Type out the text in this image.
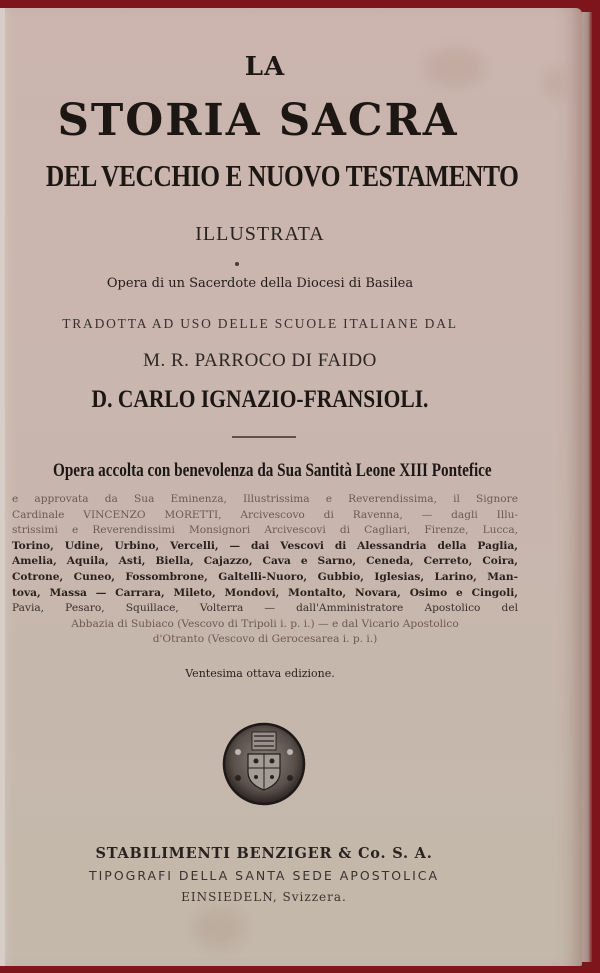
LA
STORIA SACRA
DEL VECCHIO E NUOVO TESTAMENTO
ILLUSTRATA
Opera di un Sacerdote della Diocesi di Basilea
TRADOTTA AD USO DELLE SCUOLE ITALIANE DAL
M. R. PARROCO DI FAIDO
D. CARLO IGNAZIO-FRANSIOLI.
Opera accolta con benevolenza da Sua Santità Leone XIII Pontefice
e approvata da Sua Eminenza, Illustrissima e Reverendissima, il Signore
Cardinale VINCENZO MORETTI, Arcivescovo di Ravenna, — dagli Illu-
strissimi e Reverendissimi Monsignori Arcivescovi di Cagliari, Firenze, Lucca,
Torino, Udine, Urbino, Vercelli, — dai Vescovi di Alessandria della Paglia,
Amelia, Aquila, Asti, Biella, Cajazzo, Cava e Sarno, Ceneda, Cerreto, Coira,
Cotrone, Cuneo, Fossombrone, Galtelli-Nuoro, Gubbio, Iglesias, Larino, Man-
tova, Massa — Carrara, Mileto, Mondovi, Montalto, Novara, Osimo e Cingoli,
Pavia, Pesaro, Squillace, Volterra — dall'Amministratore Apostolico del
Abbazia di Subiaco (Vescovo di Tripoli i. p. i.) — e dal Vicario Apostolico
d'Otranto (Vescovo di Gerocesarea i. p. i.)
Ventesima ottava edizione.
STABILIMENTI BENZIGER & Co. S. A.
TIPOGRAFI DELLA SANTA SEDE APOSTOLICA
EINSIEDELN, Svizzera.
